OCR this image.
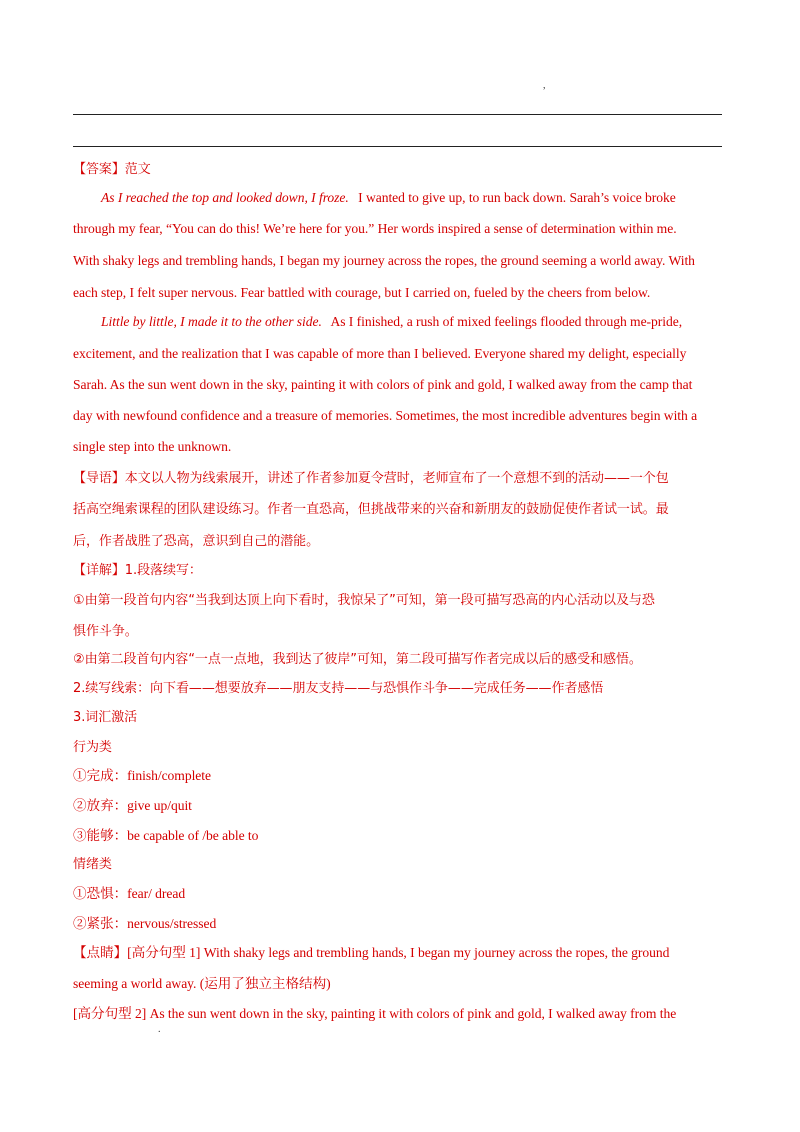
,
【答案】范文
As I reached the top and looked down, I froze. I wanted to give up, to run back down. Sarah’s voice broke
through my fear, “You can do this! We’re here for you.” Her words inspired a sense of determination within me.
With shaky legs and trembling hands, I began my journey across the ropes, the ground seeming a world away. With
each step, I felt super nervous. Fear battled with courage, but I carried on, fueled by the cheers from below.
Little by little, I made it to the other side. As I finished, a rush of mixed feelings flooded through me-pride,
excitement, and the realization that I was capable of more than I believed. Everyone shared my delight, especially
Sarah. As the sun went down in the sky, painting it with colors of pink and gold, I walked away from the camp that
day with newfound confidence and a treasure of memories. Sometimes, the most incredible adventures begin with a
single step into the unknown.
【导语】本文以人物为线索展开，讲述了作者参加夏令营时，老师宣布了一个意想不到的活动——一个包
括高空绳索课程的团队建设练习。作者一直恐高，但挑战带来的兴奋和新朋友的鼓励促使作者试一试。最
后，作者战胜了恐高，意识到自己的潜能。
【详解】1.段落续写：
①由第一段首句内容“当我到达顶上向下看时，我惊呆了”可知，第一段可描写恐高的内心活动以及与恐
惧作斗争。
②由第二段首句内容“一点一点地，我到达了彼岸”可知，第二段可描写作者完成以后的感受和感悟。
2.续写线索：向下看——想要放弃——朋友支持——与恐惧作斗争——完成任务——作者感悟
3.词汇激活
行为类
①完成：finish/complete
②放弃：give up/quit
③能够：be capable of /be able to
情绪类
①恐惧：fear/ dread
②紧张：nervous/stressed
【点睛】[高分句型 1] With shaky legs and trembling hands, I began my journey across the ropes, the ground
seeming a world away. (运用了独立主格结构)
[高分句型 2] As the sun went down in the sky, painting it with colors of pink and gold, I walked away from the
.
